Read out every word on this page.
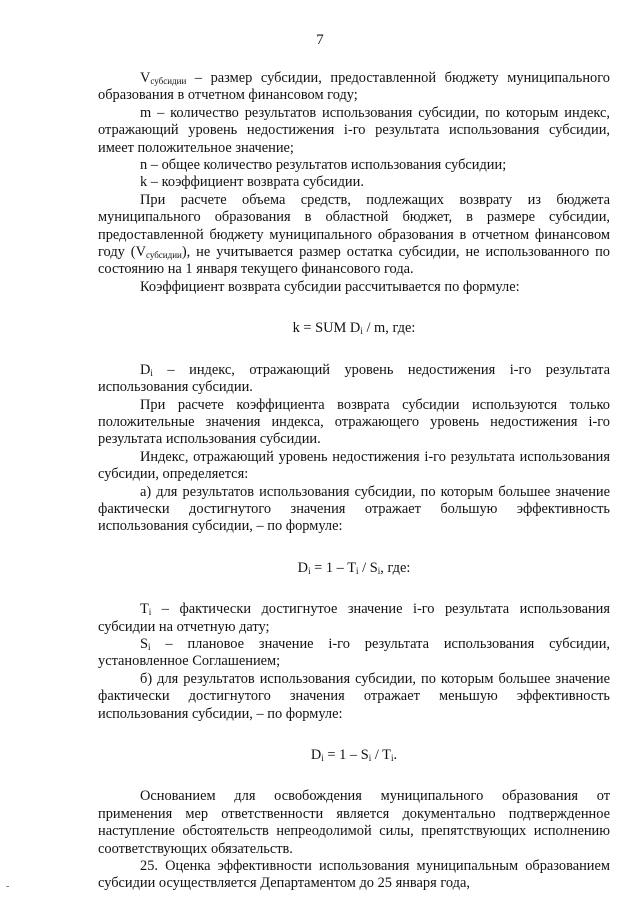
7

$V_{субсидии}$ – размер субсидии, предоставленной бюджету муниципального образования в отчетном финансовом году;

m – количество результатов использования субсидии, по которым индекс, отражающий уровень недостижения i-го результата использования субсидии, имеет положительное значение;

n – общее количество результатов использования субсидии;

k – коэффициент возврата субсидии.

При расчете объема средств, подлежащих возврату из бюджета муниципального образования в областной бюджет, в размере субсидии, предоставленной бюджету муниципального образования в отчетном финансовом году $(V_{субсидии})$, не учитывается размер остатка субсидии, не использованного по состоянию на 1 января текущего финансового года.

Коэффициент возврата субсидии рассчитывается по формуле:

k = SUM $D_i$ / m, где:

$D_i$ – индекс, отражающий уровень недостижения i-го результата использования субсидии.

При расчете коэффициента возврата субсидии используются только положительные значения индекса, отражающего уровень недостижения i-го результата использования субсидии.

Индекс, отражающий уровень недостижения i-го результата использования субсидии, определяется:

а) для результатов использования субсидии, по которым большее значение фактически достигнутого значения отражает большую эффективность использования субсидии, – по формуле:

$D_i = 1 - T_i / S_i$, где:

$T_i$ – фактически достигнутое значение i-го результата использования субсидии на отчетную дату;

$S_i$ – плановое значение i-го результата использования субсидии, установленное Соглашением;

б) для результатов использования субсидии, по которым большее значение фактически достигнутого значения отражает меньшую эффективность использования субсидии, – по формуле:

$D_i = 1 - S_i / T_i$.

Основанием для освобождения муниципального образования от применения мер ответственности является документально подтвержденное наступление обстоятельств непреодолимой силы, препятствующих исполнению соответствующих обязательств.

25. Оценка эффективности использования муниципальным образованием субсидии осуществляется Департаментом до 25 января года,

-
